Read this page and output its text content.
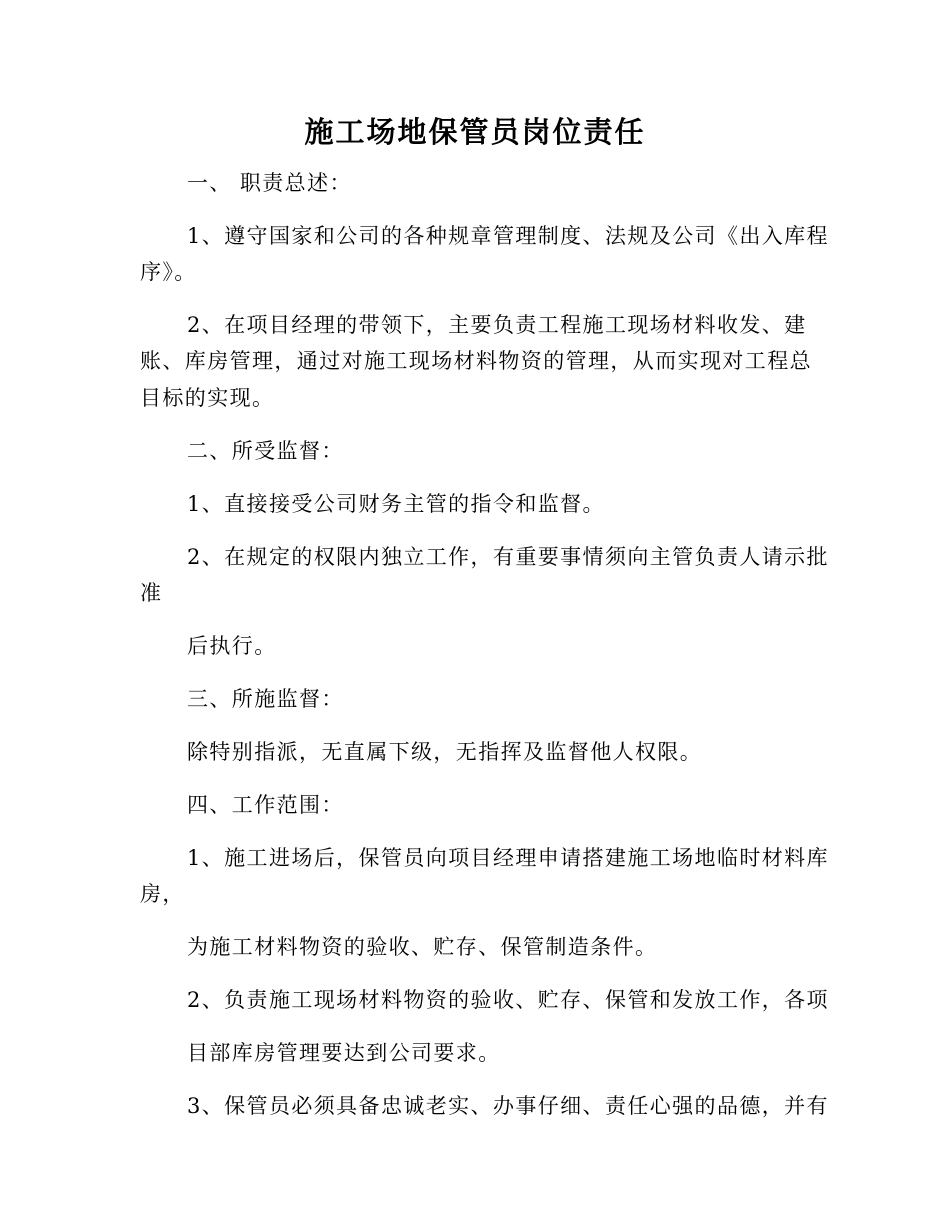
施工场地保管员岗位责任
一、 职责总述：
1、遵守国家和公司的各种规章管理制度、法规及公司《出入库程
序》。
2、在项目经理的带领下，主要负责工程施工现场材料收发、建
账、库房管理，通过对施工现场材料物资的管理，从而实现对工程总
目标的实现。
二、所受监督：
1、直接接受公司财务主管的指令和监督。
2、在规定的权限内独立工作，有重要事情须向主管负责人请示批
准
后执行。
三、所施监督：
除特别指派，无直属下级，无指挥及监督他人权限。
四、工作范围：
1、施工进场后，保管员向项目经理申请搭建施工场地临时材料库
房，
为施工材料物资的验收、贮存、保管制造条件。
2、负责施工现场材料物资的验收、贮存、保管和发放工作，各项
目部库房管理要达到公司要求。
3、保管员必须具备忠诚老实、办事仔细、责任心强的品德，并有
